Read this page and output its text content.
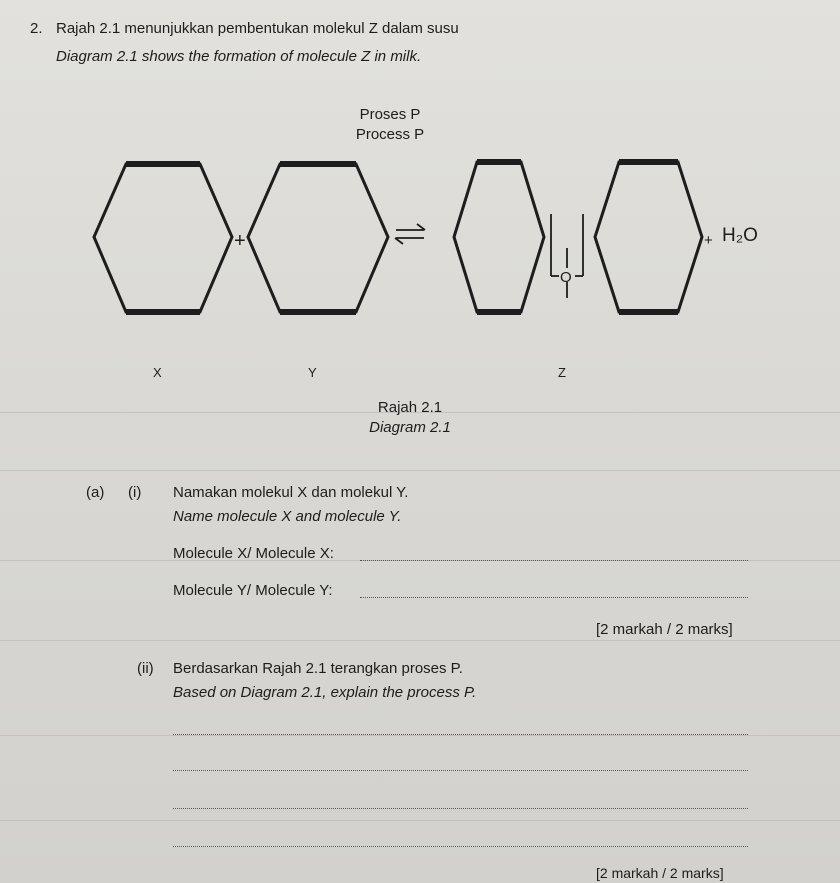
2. Rajah 2.1 menunjukkan pembentukan molekul Z dalam susu
Diagram 2.1 shows the formation of molecule Z in milk.
Proses P
Process P
+
O
+ H₂O
X	Y	Z
Rajah 2.1
Diagram 2.1
(a) (i) Namakan molekul X dan molekul Y.
Name molecule X and molecule Y.
Molecule X/ Molecule X:
Molecule Y/ Molecule Y:
[2 markah / 2 marks]
(ii) Berdasarkan Rajah 2.1 terangkan proses P.
Based on Diagram 2.1, explain the process P.
[2 markah / 2 marks]
